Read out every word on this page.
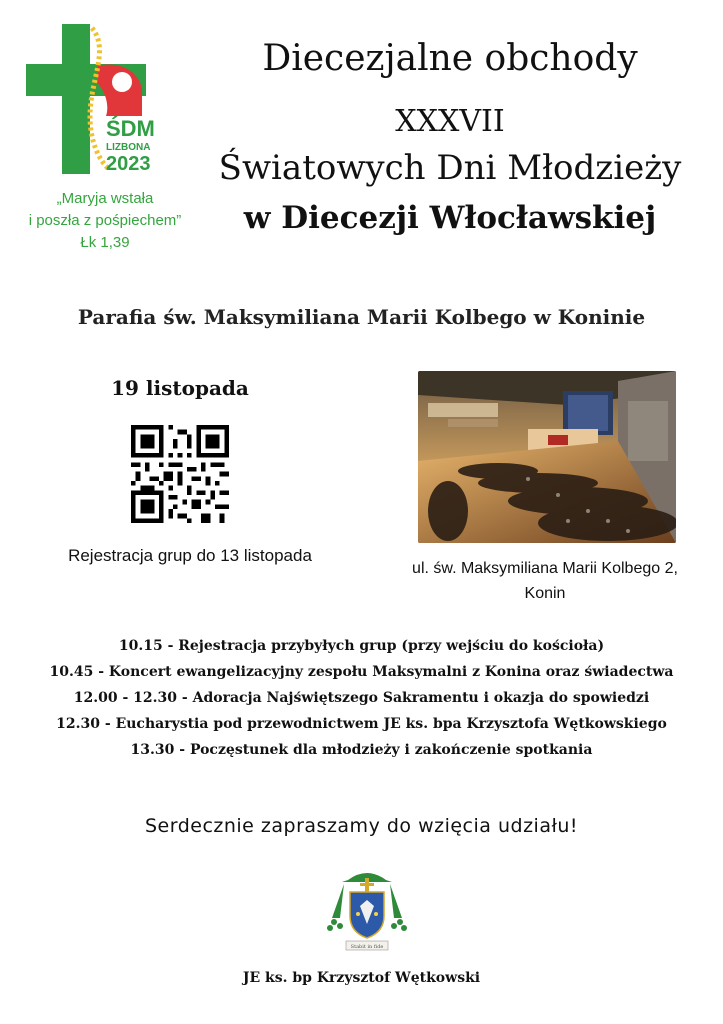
ŚDM
LIZBONA
2023
„Maryja wstała
i poszła z pośpiechem”
Łk 1,39
Diecezjalne obchody
XXXVII
Światowych Dni Młodzieży
w Diecezji Włocławskiej
Parafia św. Maksymiliana Marii Kolbego w Koninie
19 listopada
Rejestracja grup do 13 listopada
ul. św. Maksymiliana Marii Kolbego 2,
Konin
10.15 - Rejestracja przybyłych grup (przy wejściu do kościoła)
10.45 - Koncert ewangelizacyjny zespołu Maksymalni z Konina oraz świadectwa
12.00 - 12.30 - Adoracja Najświętszego Sakramentu i okazja do spowiedzi
12.30 - Eucharystia pod przewodnictwem JE ks. bpa Krzysztofa Wętkowskiego
13.30 - Poczęstunek dla młodzieży i zakończenie spotkania
Serdecznie zapraszamy do wzięcia udziału!
Stabit in fide
JE ks. bp Krzysztof Wętkowski
